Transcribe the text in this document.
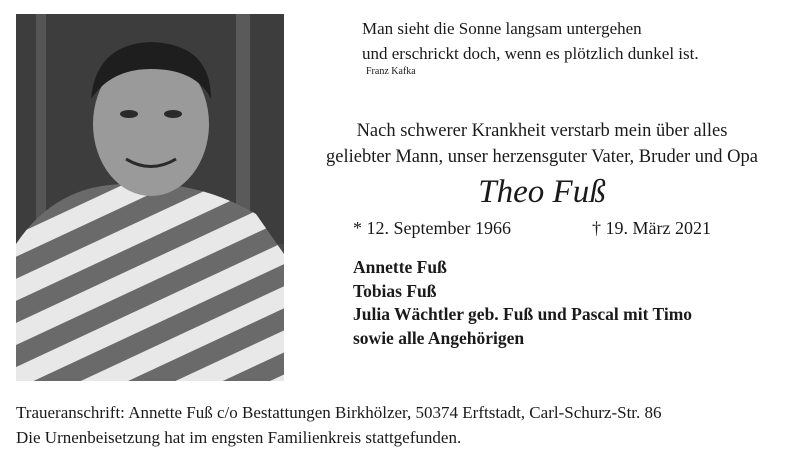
Man sieht die Sonne langsam untergehen
und erschrickt doch, wenn es plötzlich dunkel ist.
Franz Kafka
Nach schwerer Krankheit verstarb mein über alles
geliebter Mann, unser herzensguter Vater, Bruder und Opa
Theo Fuß
* 12. September 1966	† 19. März 2021
Annette Fuß
Tobias Fuß
Julia Wächtler geb. Fuß und Pascal mit Timo
sowie alle Angehörigen
Traueranschrift: Annette Fuß c/o Bestattungen Birkhölzer, 50374 Erftstadt, Carl-Schurz-Str. 86
Die Urnenbeisetzung hat im engsten Familienkreis stattgefunden.
